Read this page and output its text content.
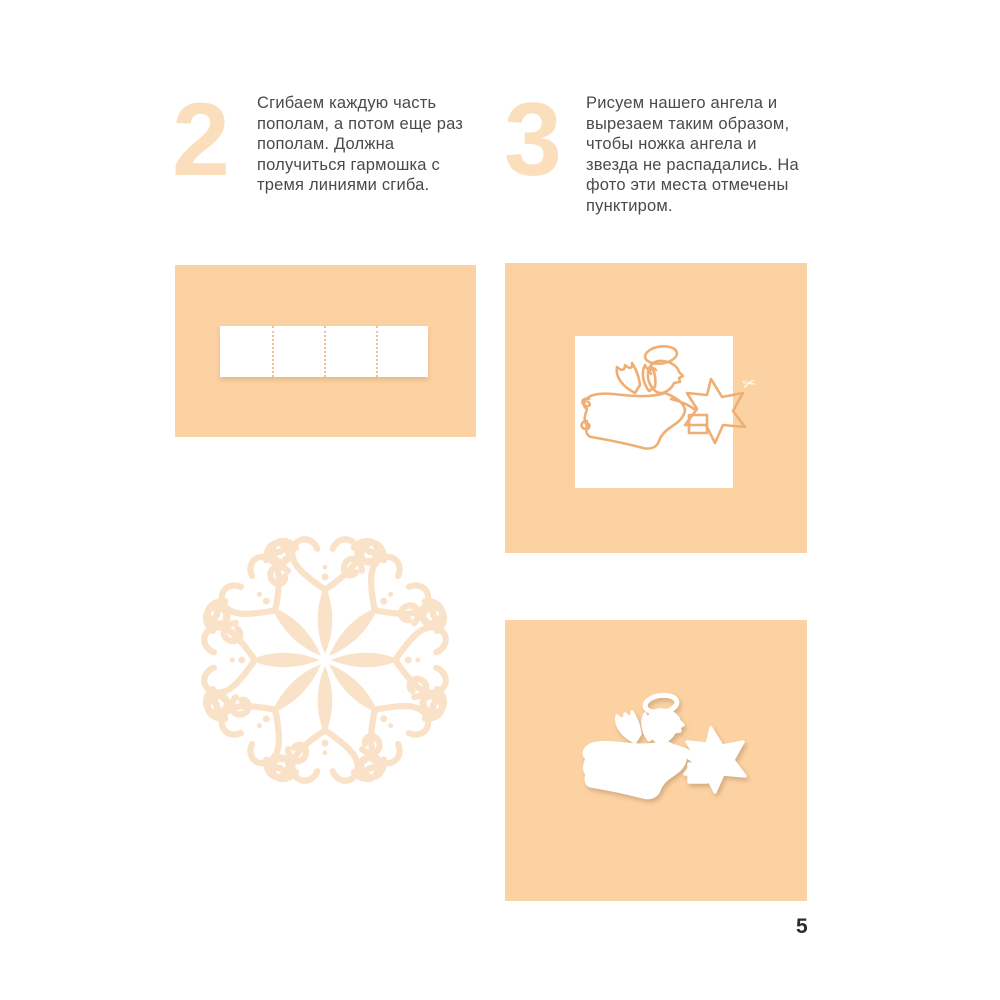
2 Сгибаем каждую часть пополам, а потом еще раз пополам. Должна получиться гармошка с тремя линиями сгиба. 3 Рисуем нашего ангела и вырезаем таким образом, чтобы ножка ангела и звезда не распадались. На фото эти места отмечены пунктиром.
✂
5
